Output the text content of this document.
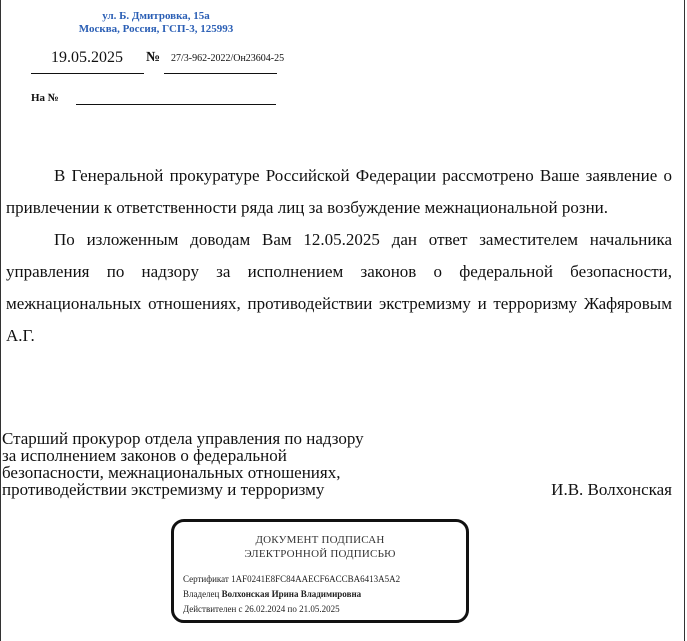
ул. Б. Дмитровка, 15а
Москва, Россия, ГСП-3, 125993
19.05.2025	№ 27/3-962-2022/Он23604-25
На №

В Генеральной прокуратуре Российской Федерации рассмотрено Ваше заявление о привлечении к ответственности ряда лиц за возбуждение межнациональной розни.

По изложенным доводам Вам 12.05.2025 дан ответ заместителем начальника управления по надзору за исполнением законов о федеральной безопасности, межнациональных отношениях, противодействии экстремизму и терроризму Жафяровым А.Г.

Старший прокурор отдела управления по надзору
за исполнением законов о федеральной
безопасности, межнациональных отношениях,
противодействии экстремизму и терроризму	И.В. Волхонская
ДОКУМЕНТ ПОДПИСАН
ЭЛЕКТРОННОЙ ПОДПИСЬЮ
Сертификат 1AF0241E8FC84AAECF6ACCBA6413A5A2
Владелец Волхонская Ирина Владимировна
Действителен с 26.02.2024 по 21.05.2025
